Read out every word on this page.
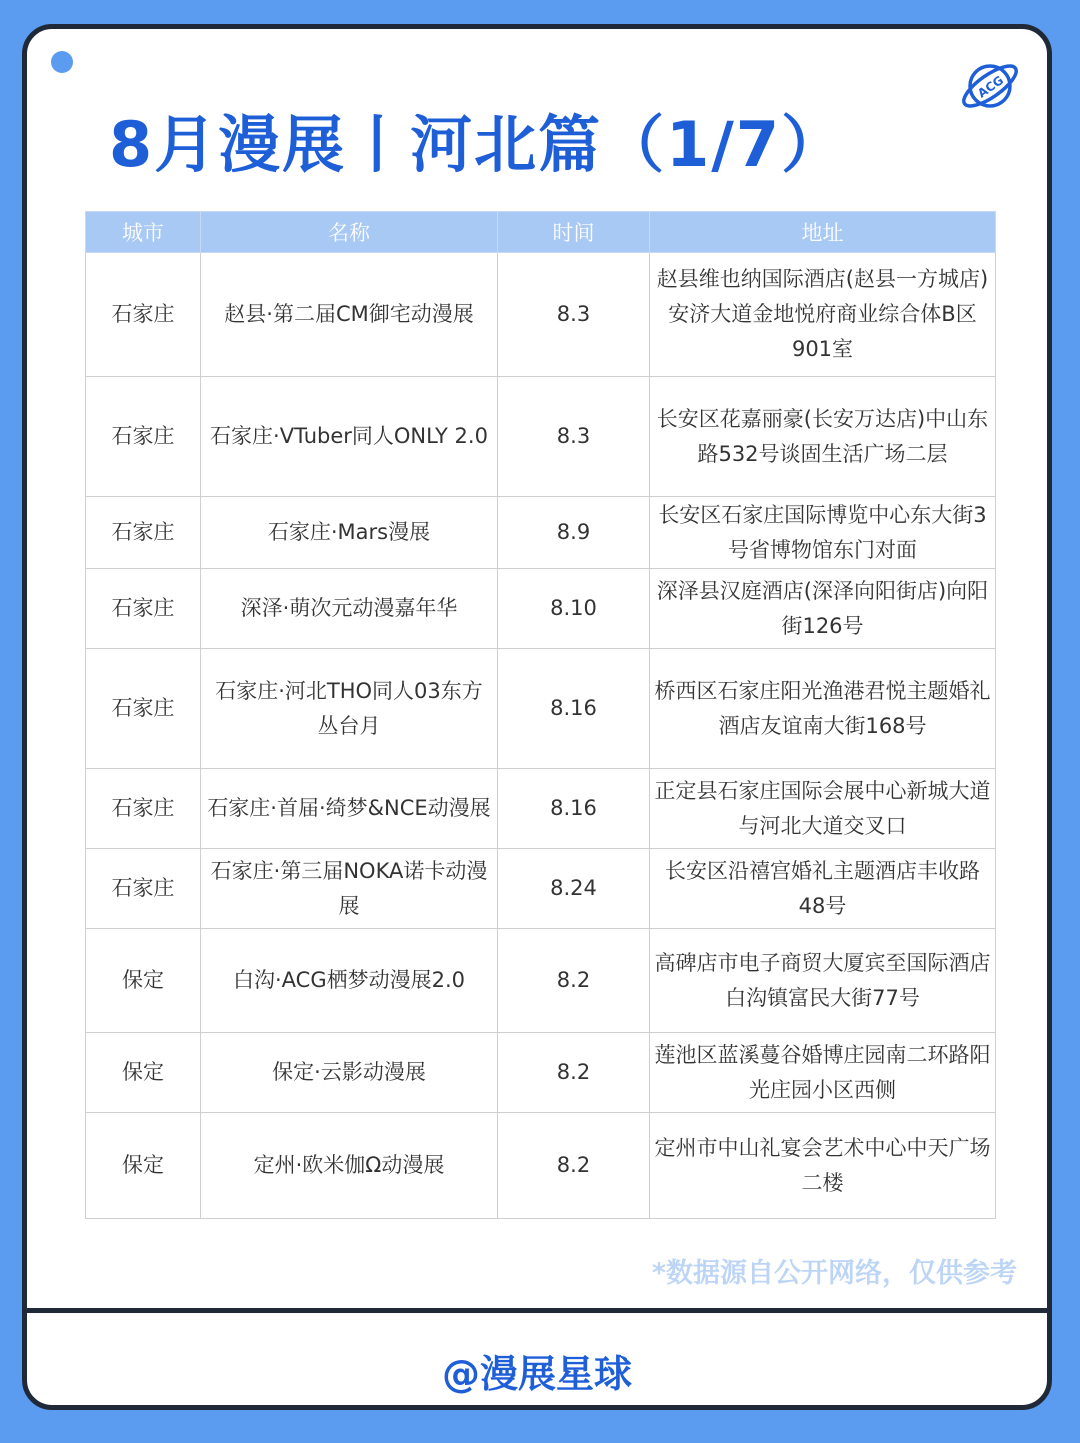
ACG
8月漫展丨河北篇（1/7）
城市	名称	时间	地址
石家庄	赵县·第二届CM御宅动漫展	8.3	赵县维也纳国际酒店(赵县一方城店)安济大道金地悦府商业综合体B区901室
石家庄	石家庄·VTuber同人ONLY 2.0	8.3	长安区花嘉丽豪(长安万达店)中山东路532号谈固生活广场二层
石家庄	石家庄·Mars漫展	8.9	长安区石家庄国际博览中心东大街3号省博物馆东门对面
石家庄	深泽·萌次元动漫嘉年华	8.10	深泽县汉庭酒店(深泽向阳街店)向阳街126号
石家庄	石家庄·河北THO同人03东方丛台月	8.16	桥西区石家庄阳光渔港君悦主题婚礼酒店友谊南大街168号
石家庄	石家庄·首届·绮梦&NCE动漫展	8.16	正定县石家庄国际会展中心新城大道与河北大道交叉口
石家庄	石家庄·第三届NOKA诺卡动漫展	8.24	长安区沿禧宫婚礼主题酒店丰收路48号
保定	白沟·ACG栖梦动漫展2.0	8.2	高碑店市电子商贸大厦宾至国际酒店白沟镇富民大街77号
保定	保定·云影动漫展	8.2	莲池区蓝溪蔓谷婚博庄园南二环路阳光庄园小区西侧
保定	定州·欧米伽Ω动漫展	8.2	定州市中山礼宴会艺术中心中天广场二楼
*数据源自公开网络，仅供参考
@漫展星球
